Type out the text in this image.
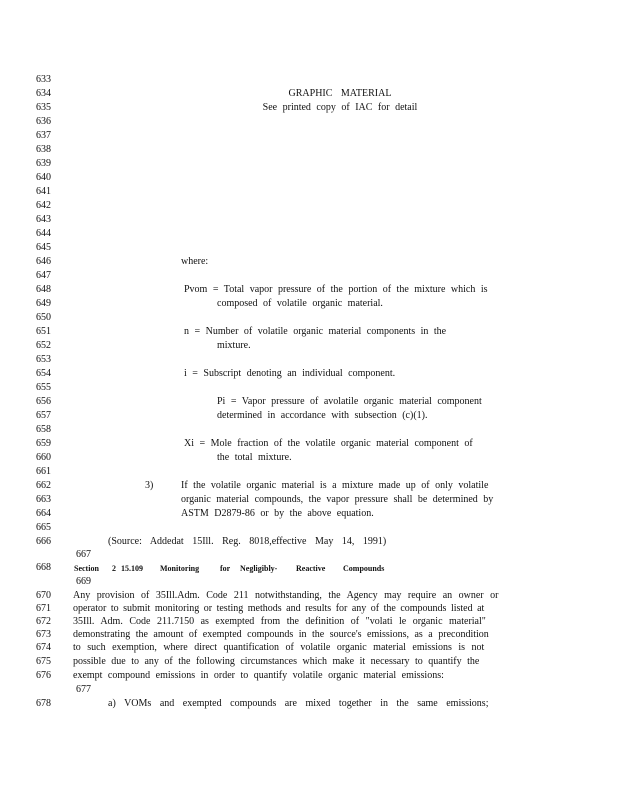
633
634
635
636
637
638
639
640
641
642
643
644
645
646
647
648
649
650
651
652
653
654
655
656
657
658
659
660
661
662
663
664
665
666
668
670
671
672
673
674
675
676
678
GRAPHIC MATERIAL
See printed copy of IAC for detail
where:
Pvom = Total vapor pressure of the portion of the mixture which is
composed of volatile organic material.
n = Number of volatile organic material components in the
mixture.
i = Subscript denoting an individual component.
Pi = Vapor pressure of avolatile organic material component
determined in accordance with subsection (c)(1).
Xi = Mole fraction of the volatile organic material component of
the total mixture.
3)	If the volatile organic material is a mixture made up of only volatile
organic material compounds, the vapor pressure shall be determined by
ASTM D2879-86 or by the above equation.
(Source: Addedat 15Ill. Reg. 8018,effective May 14, 1991)
667
Section 2 15.109 Monitoring	for Negligibly- Reactive Compounds
669
Any provision of 35Ill.Adm. Code 211 notwithstanding, the Agency may require an owner or
operator to submit monitoring or testing methods and results for any of the compounds listed at
35Ill. Adm. Code 211.7150 as exempted from the definition of "volati le organic material"
demonstrating the amount of exempted compounds in the source's emissions, as a precondition
to such exemption, where direct quantification of volatile organic material emissions is not
possible due to any of the following circumstances which make it necessary to quantify the
exempt compound emissions in order to quantify volatile organic material emissions:
677
a) VOMs and exempted compounds are mixed together in the same emissions;
